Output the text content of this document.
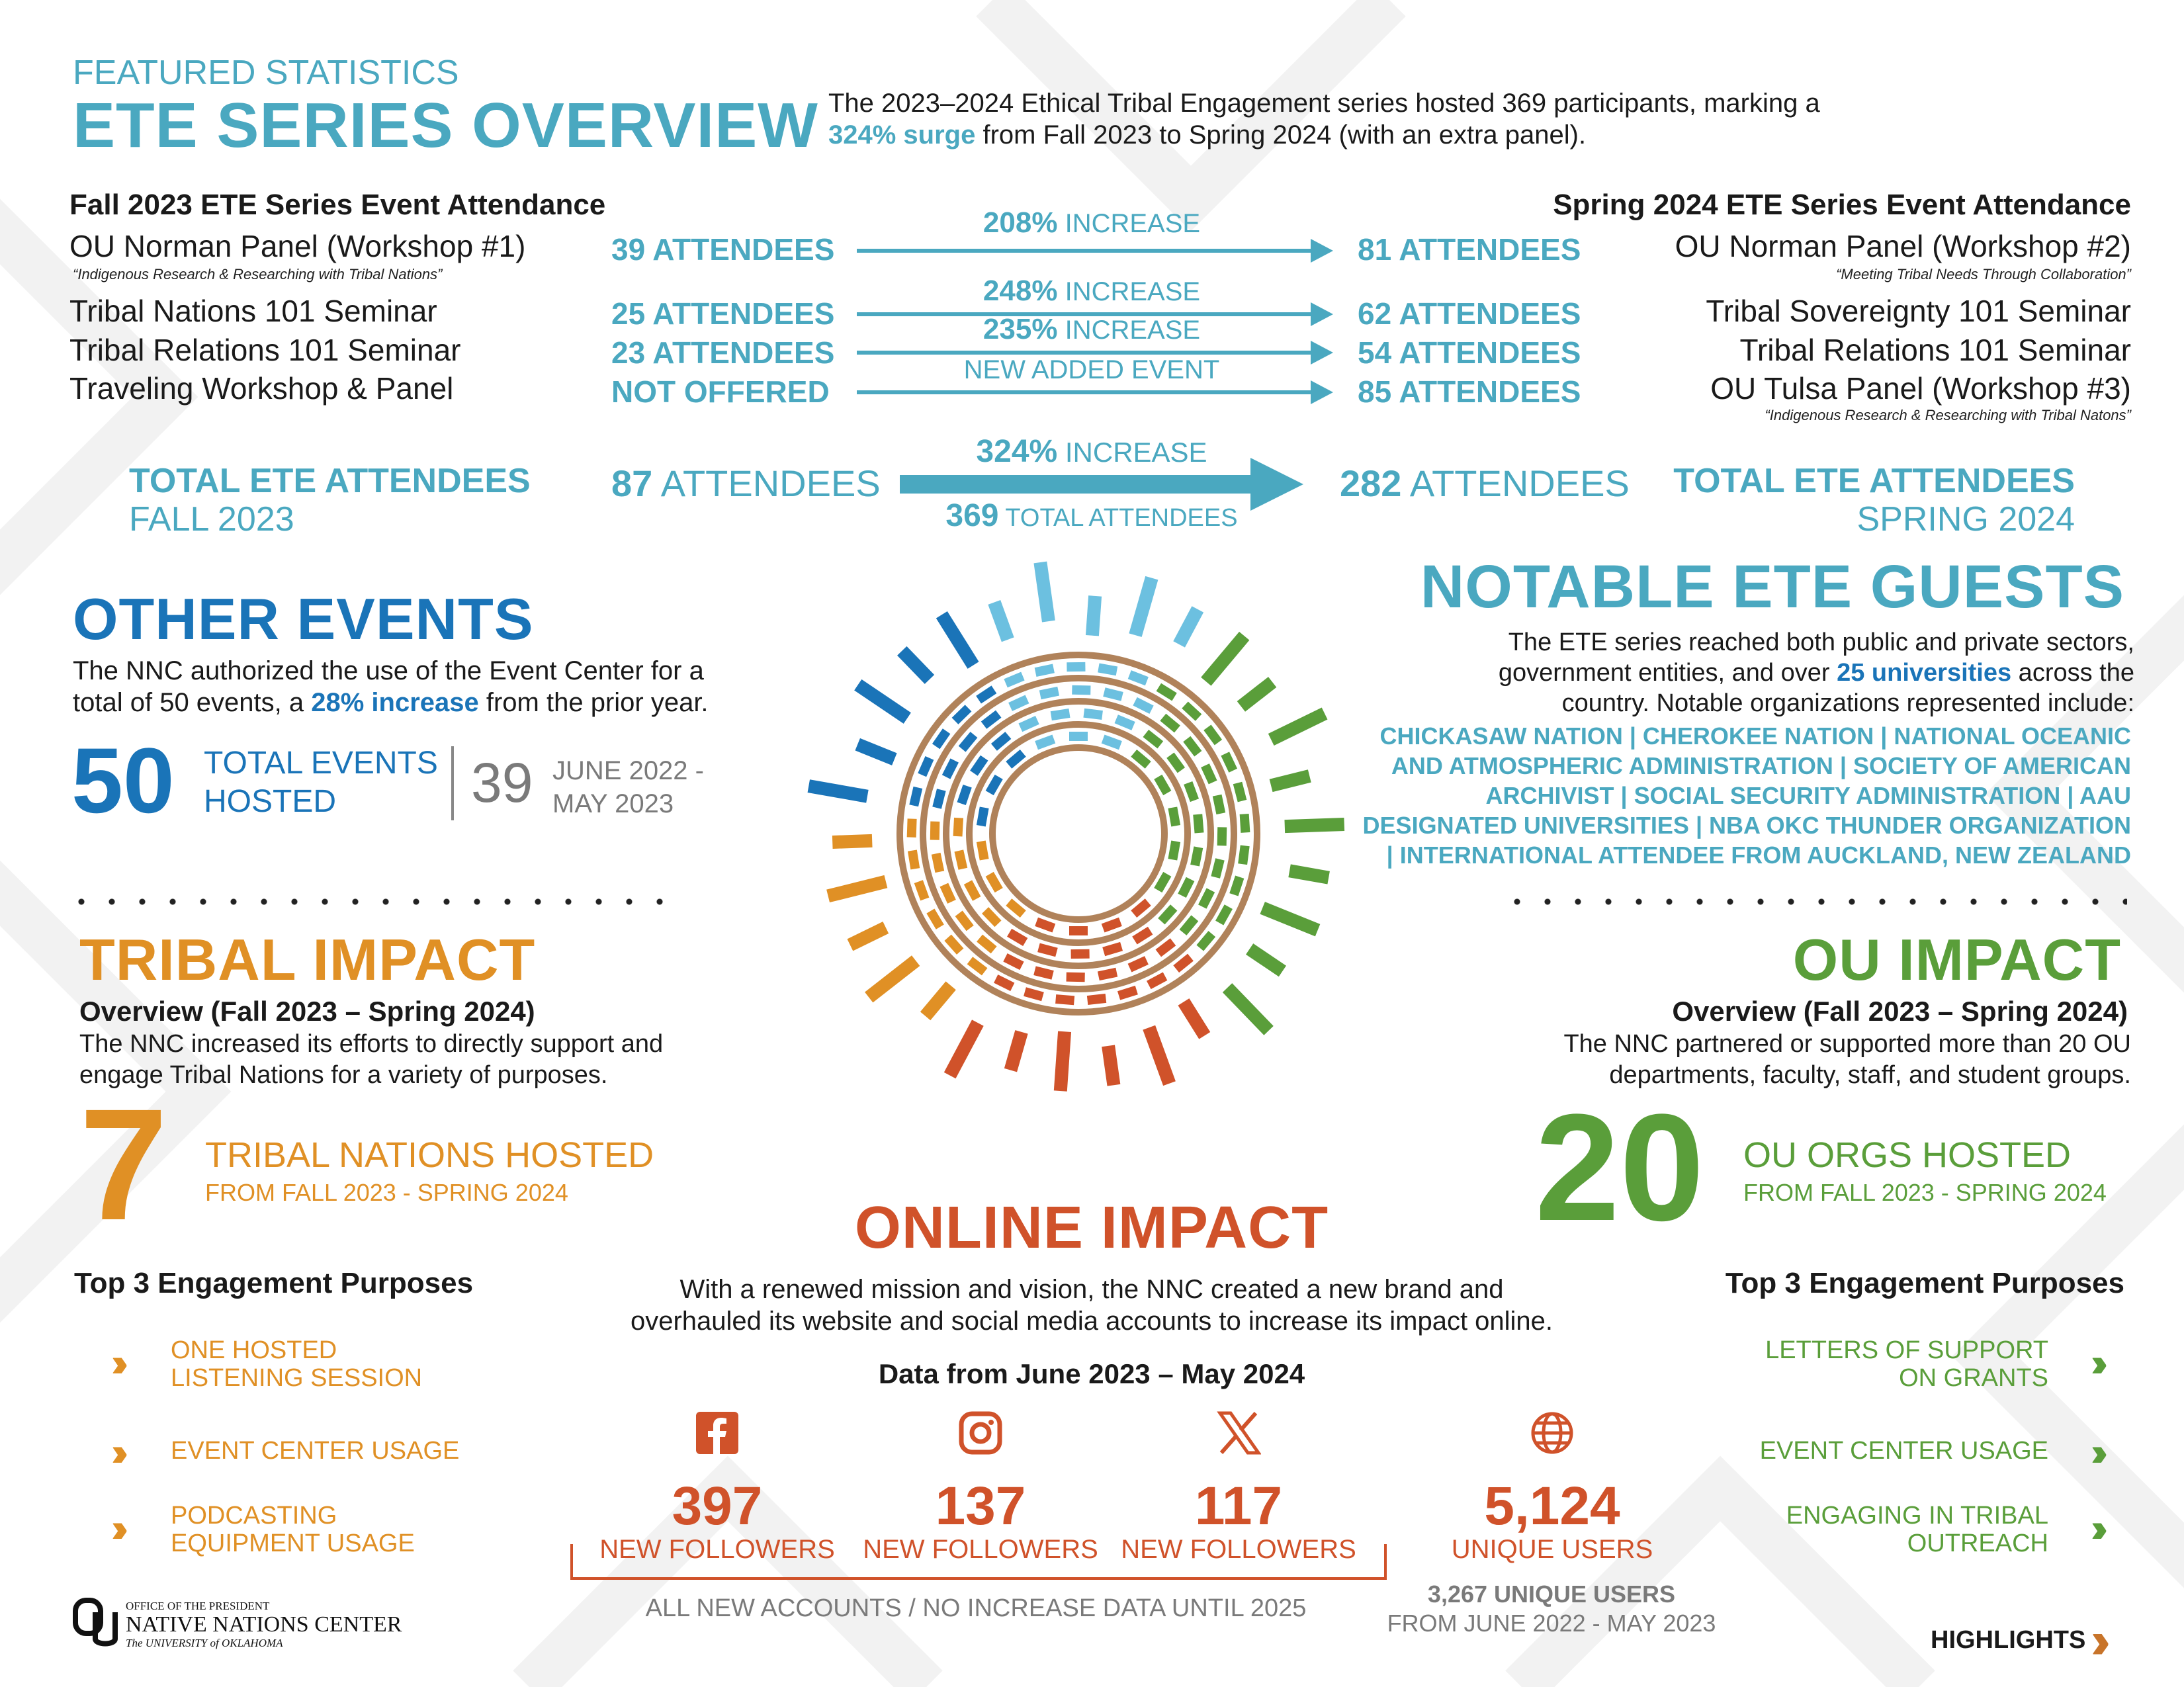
FEATURED STATISTICS
ETE SERIES OVERVIEW The 2023–2024 Ethical Tribal Engagement series hosted 369 participants, marking a
324% surge from Fall 2023 to Spring 2024 (with an extra panel).
Fall 2023 ETE Series Event Attendance
OU Norman Panel (Workshop #1)
“Indigenous Research & Researching with Tribal Nations”
Tribal Nations 101 Seminar
Tribal Relations 101 Seminar
Traveling Workshop & Panel
39 ATTENDEES
25 ATTENDEES
23 ATTENDEES
NOT OFFERED
208% INCREASE
248% INCREASE
235% INCREASE
NEW ADDED EVENT
81 ATTENDEES
62 ATTENDEES
54 ATTENDEES
85 ATTENDEES
Spring 2024 ETE Series Event Attendance
OU Norman Panel (Workshop #2)
“Meeting Tribal Needs Through Collaboration”
Tribal Sovereignty 101 Seminar
Tribal Relations 101 Seminar
OU Tulsa Panel (Workshop #3)
“Indigenous Research & Researching with Tribal Natons”
TOTAL ETE ATTENDEES
FALL 2023
87 ATTENDEES
324% INCREASE
369 TOTAL ATTENDEES
282 ATTENDEES TOTAL ETE ATTENDEES
SPRING 2024
OTHER EVENTS
The NNC authorized the use of the Event Center for a
total of 50 events, a 28% increase from the prior year.
50 TOTAL EVENTS
HOSTED	39 JUNE 2022 -
MAY 2023
NOTABLE ETE GUESTS
The ETE series reached both public and private sectors,
government entities, and over 25 universities across the
country. Notable organizations represented include:
CHICKASAW NATION | CHEROKEE NATION | NATIONAL OCEANIC
AND ATMOSPHERIC ADMINISTRATION | SOCIETY OF AMERICAN
ARCHIVIST | SOCIAL SECURITY ADMINISTRATION | AAU
DESIGNATED UNIVERSITIES | NBA OKC THUNDER ORGANIZATION
| INTERNATIONAL ATTENDEE FROM AUCKLAND, NEW ZEALAND
TRIBAL IMPACT
Overview (Fall 2023 – Spring 2024)
The NNC increased its efforts to directly support and
engage Tribal Nations for a variety of purposes.
7 TRIBAL NATIONS HOSTED
FROM FALL 2023 - SPRING 2024
Top 3 Engagement Purposes
›› ONE HOSTED
LISTENING SESSION
›› EVENT CENTER USAGE
›› PODCASTING
EQUIPMENT USAGE
OU IMPACT
Overview (Fall 2023 – Spring 2024)
The NNC partnered or supported more than 20 OU
departments, faculty, staff, and student groups.
20 OU ORGS HOSTED
FROM FALL 2023 - SPRING 2024
Top 3 Engagement Purposes
LETTERS OF SUPPORT
ON GRANTS ››
EVENT CENTER USAGE ››
ENGAGING IN TRIBAL
OUTREACH ››
ONLINE IMPACT
With a renewed mission and vision, the NNC created a new brand and
overhauled its website and social media accounts to increase its impact online.
Data from June 2023 – May 2024
397
NEW FOLLOWERS
137
NEW FOLLOWERS
117
NEW FOLLOWERS
5,124
UNIQUE USERS
ALL NEW ACCOUNTS / NO INCREASE DATA UNTIL 2025
3,267 UNIQUE USERS
FROM JUNE 2022 - MAY 2023
OFFICE OF THE PRESIDENT
NATIVE NATIONS CENTER
The UNIVERSITY of OKLAHOMA	HIGHLIGHTS ››
